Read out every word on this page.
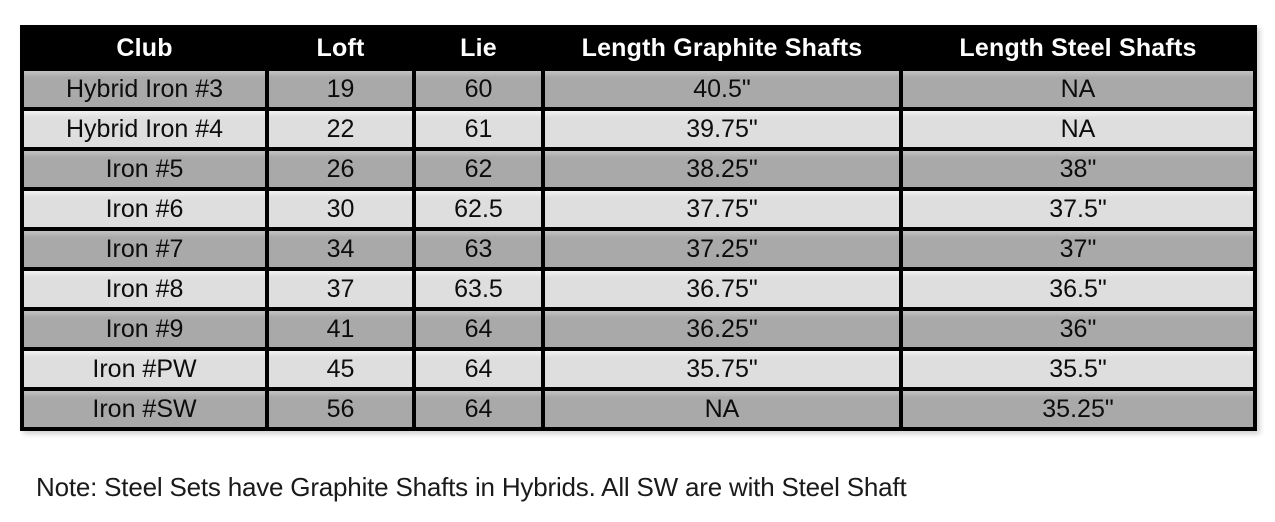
Club	Loft	Lie	Length Graphite Shafts	Length Steel Shafts
Hybrid Iron #3	19	60	40.5"	NA
Hybrid Iron #4	22	61	39.75"	NA
Iron #5	26	62	38.25"	38"
Iron #6	30	62.5	37.75"	37.5"
Iron #7	34	63	37.25"	37"
Iron #8	37	63.5	36.75"	36.5"
Iron #9	41	64	36.25"	36"
Iron #PW	45	64	35.75"	35.5"
Iron #SW	56	64	NA	35.25"
Note: Steel Sets have Graphite Shafts in Hybrids. All SW are with Steel Shaft
